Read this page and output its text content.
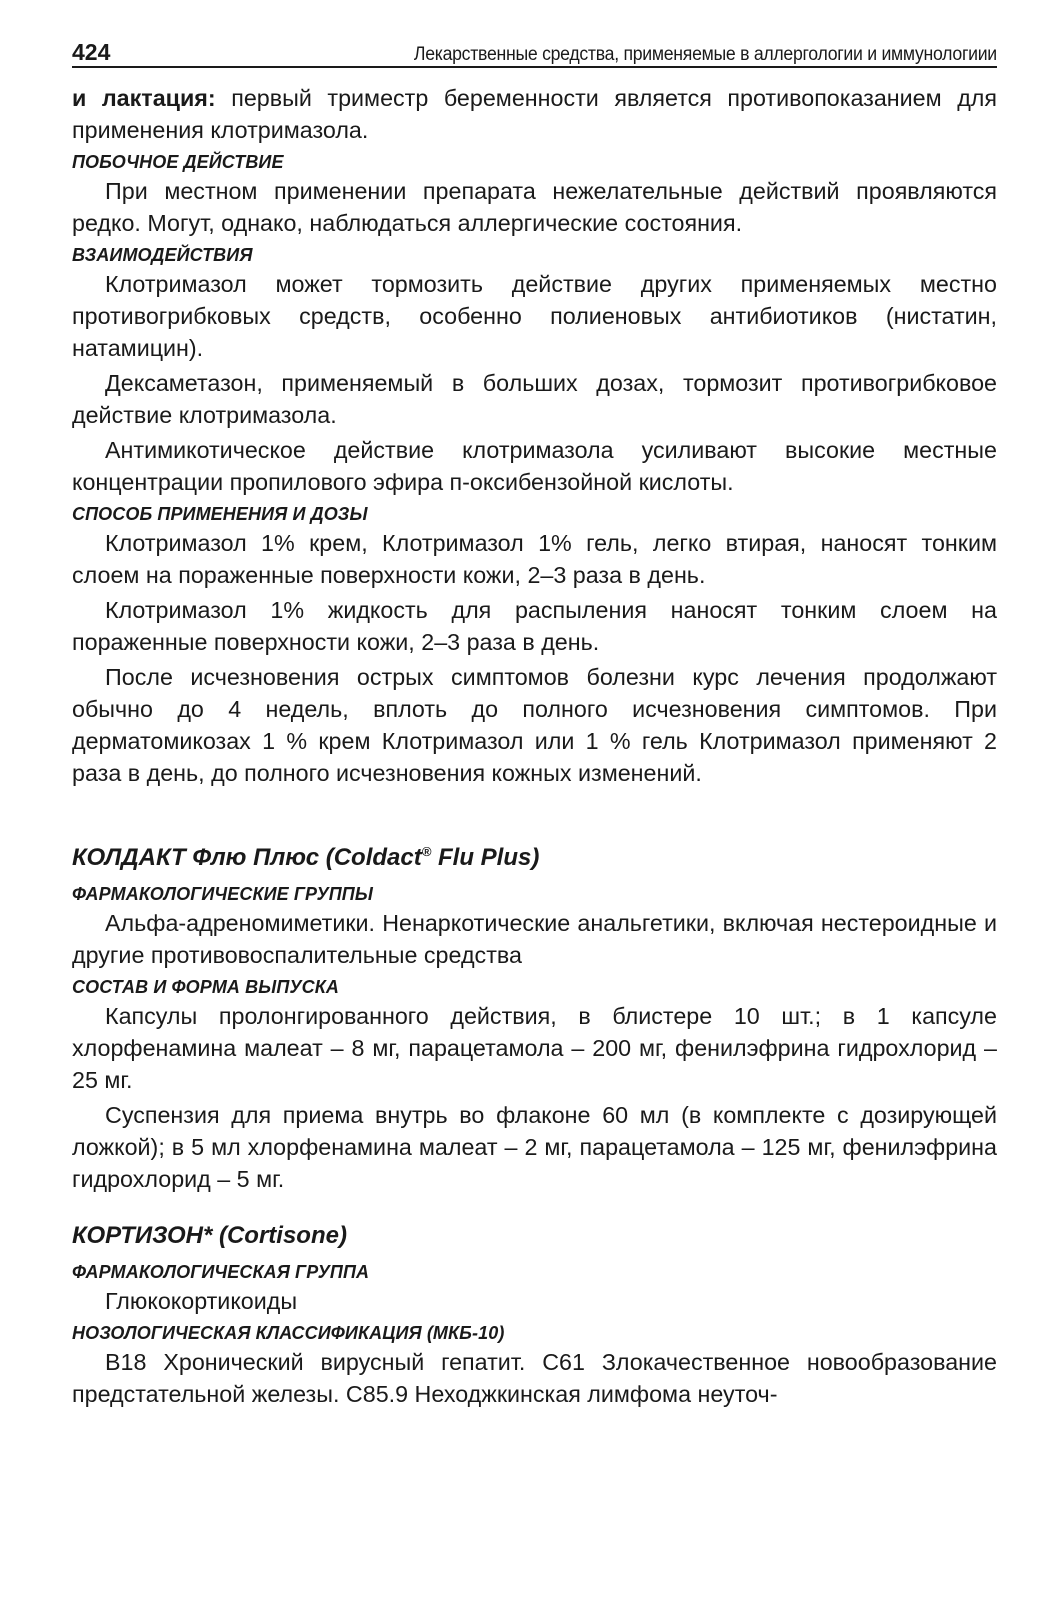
424	Лекарственные средства, применяемые в аллергологии и иммунологиии

и лактация: первый триместр беременности является противопоказанием для применения клотримазола.

ПОБОЧНОЕ ДЕЙСТВИЕ

При местном применении препарата нежелательные действий проявляются редко. Могут, однако, наблюдаться аллергические состояния.

ВЗАИМОДЕЙСТВИЯ

Клотримазол может тормозить действие других применяемых местно противогрибковых средств, особенно полиеновых антибиотиков (нистатин, натамицин).

Дексаметазон, применяемый в больших дозах, тормозит противогрибковое действие клотримазола.

Антимикотическое действие клотримазола усиливают высокие местные концентрации пропилового эфира п-оксибензойной кислоты.

СПОСОБ ПРИМЕНЕНИЯ И ДОЗЫ

Клотримазол 1% крем, Клотримазол 1% гель, легко втирая, наносят тонким слоем на пораженные поверхности кожи, 2–3 раза в день.

Клотримазол 1% жидкость для распыления наносят тонким слоем на пораженные поверхности кожи, 2–3 раза в день.

После исчезновения острых симптомов болезни курс лечения продолжают обычно до 4 недель, вплоть до полного исчезновения симптомов. При дерматомикозах 1 % крем Клотримазол или 1 % гель Клотримазол применяют 2 раза в день, до полного исчезновения кожных изменений.

КОЛДАКТ Флю Плюс (Coldact® Flu Plus)
ФАРМАКОЛОГИЧЕСКИЕ ГРУППЫ

Альфа-адреномиметики. Ненаркотические анальгетики, включая нестероидные и другие противовоспалительные средства

СОСТАВ И ФОРМА ВЫПУСКА

Капсулы пролонгированного действия, в блистере 10 шт.; в 1 капсуле хлорфенамина малеат – 8 мг, парацетамола – 200 мг, фенилэфрина гидрохлорид – 25 мг.

Суспензия для приема внутрь во флаконе 60 мл (в комплекте с дозирующей ложкой); в 5 мл хлорфенамина малеат – 2 мг, парацетамола – 125 мг, фенилэфрина гидрохлорид – 5 мг.

КОРТИЗОН* (Cortisone)
ФАРМАКОЛОГИЧЕСКАЯ ГРУППА

Глюкокортикоиды

НОЗОЛОГИЧЕСКАЯ КЛАССИФИКАЦИЯ (МКБ-10)

B18 Хронический вирусный гепатит. C61 Злокачественное новообразование предстательной железы. C85.9 Неходжкинская лимфома неуточ-
